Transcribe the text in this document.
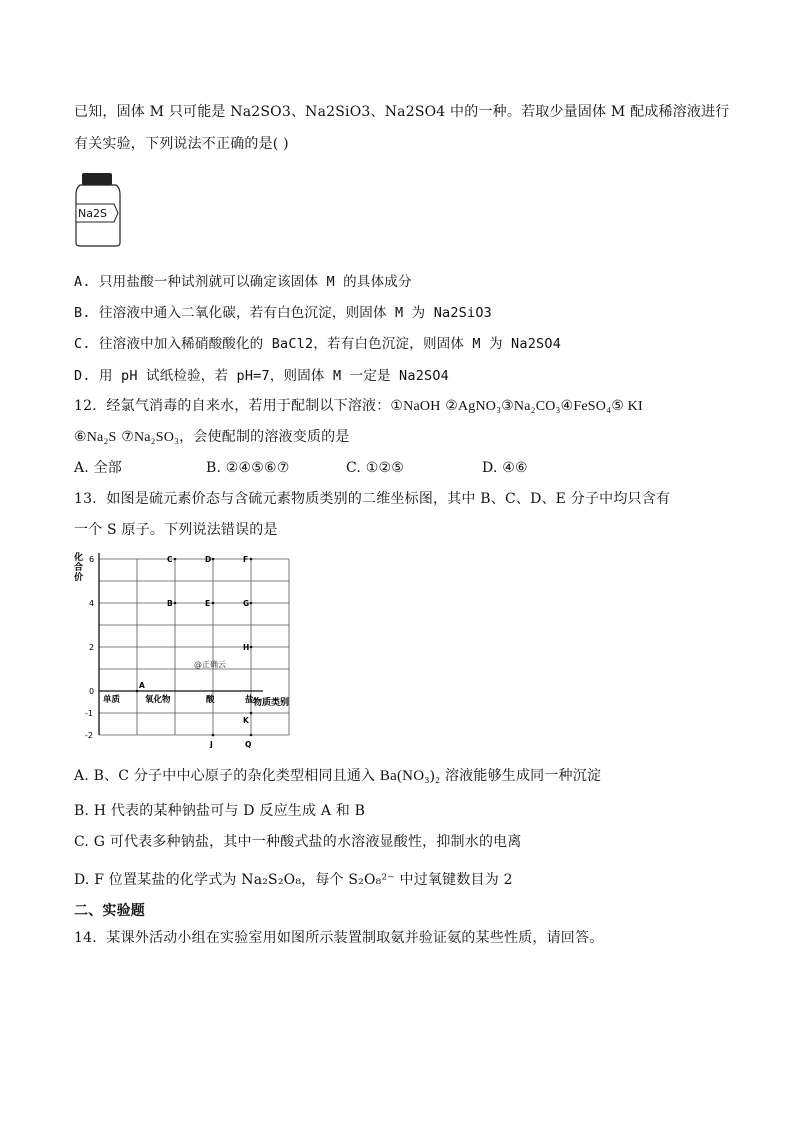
已知，固体 M 只可能是 Na2SO3、Na2SiO3、Na2SO4 中的一种。若取少量固体 M 配成稀溶液进行
有关实验，下列说法不正确的是( )
Na2S
A. 只用盐酸一种试剂就可以确定该固体 M 的具体成分
B. 往溶液中通入二氧化碳，若有白色沉淀，则固体 M 为 Na2SiO3
C. 往溶液中加入稀硝酸酸化的 BaCl2，若有白色沉淀，则固体 M 为 Na2SO4
D. 用 pH 试纸检验，若 pH=7，则固体 M 一定是 Na2SO4
12．经氯气消毒的自来水，若用于配制以下溶液：①NaOH ②AgNO₃③Na₂CO₃④FeSO₄⑤ KI
⑥Na₂S ⑦Na₂SO₃，会使配制的溶液变质的是
A. 全部	B. ②④⑤⑥⑦	C. ①②⑤	D. ④⑥
13．如图是硫元素价态与含硫元素物质类别的二维坐标图，其中 B、C、D、E 分子中均只含有
一个 S 原子。下列说法错误的是
化
合
价
6
4
2
0
-1
-2
单质	氧化物	酸	盐
A
B
C	D
E
F
G
H
J
K
Q
@正确云
物质类别
A. B、C 分子中中心原子的杂化类型相同且通入 Ba(NO₃)₂ 溶液能够生成同一种沉淀
B. H 代表的某种钠盐可与 D 反应生成 A 和 B
C. G 可代表多种钠盐，其中一种酸式盐的水溶液显酸性，抑制水的电离
D. F 位置某盐的化学式为 Na₂S₂O₈，每个 S₂O₈²⁻ 中过氧键数目为 2
二、实验题
14．某课外活动小组在实验室用如图所示装置制取氨并验证氨的某些性质，请回答。
